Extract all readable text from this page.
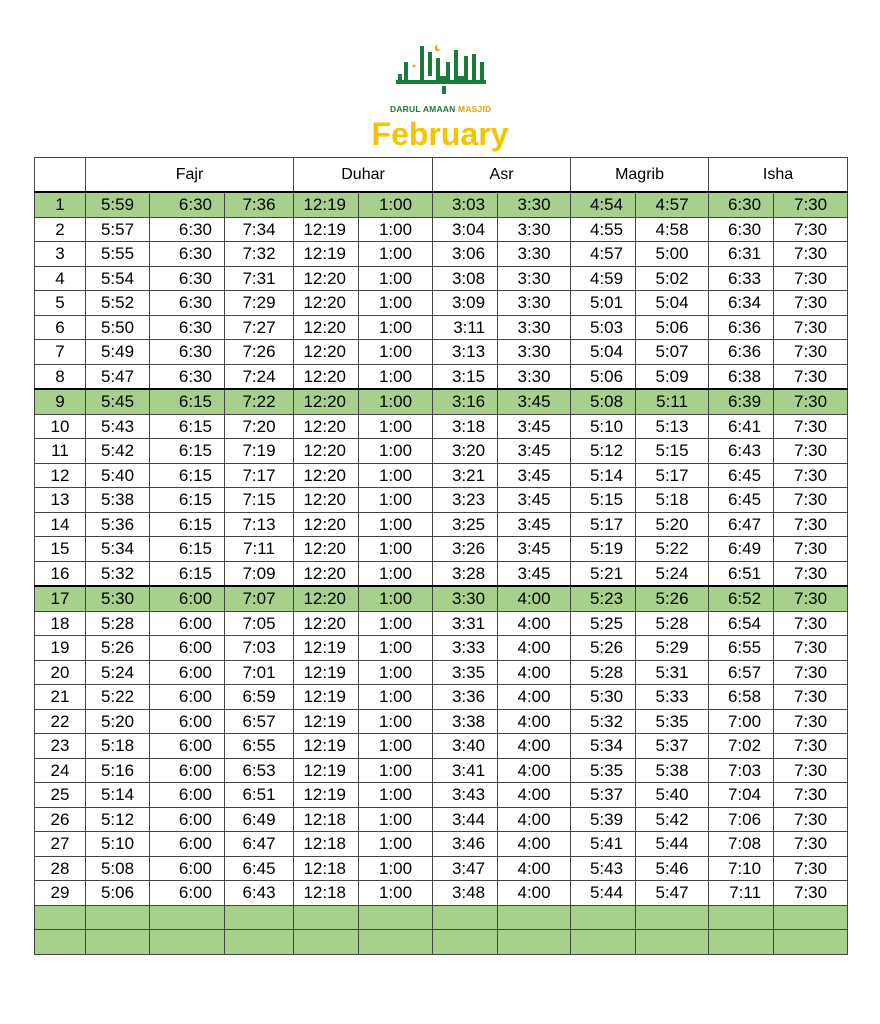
DARUL AMAAN MASJID
February
	Fajr			Duhar		Asr		Magrib		Isha	
1	5:59	6:30	7:36	12:19	1:00	3:03	3:30	4:54	4:57	6:30	7:30
2	5:57	6:30	7:34	12:19	1:00	3:04	3:30	4:55	4:58	6:30	7:30
3	5:55	6:30	7:32	12:19	1:00	3:06	3:30	4:57	5:00	6:31	7:30
4	5:54	6:30	7:31	12:20	1:00	3:08	3:30	4:59	5:02	6:33	7:30
5	5:52	6:30	7:29	12:20	1:00	3:09	3:30	5:01	5:04	6:34	7:30
6	5:50	6:30	7:27	12:20	1:00	3:11	3:30	5:03	5:06	6:36	7:30
7	5:49	6:30	7:26	12:20	1:00	3:13	3:30	5:04	5:07	6:36	7:30
8	5:47	6:30	7:24	12:20	1:00	3:15	3:30	5:06	5:09	6:38	7:30
9	5:45	6:15	7:22	12:20	1:00	3:16	3:45	5:08	5:11	6:39	7:30
10	5:43	6:15	7:20	12:20	1:00	3:18	3:45	5:10	5:13	6:41	7:30
11	5:42	6:15	7:19	12:20	1:00	3:20	3:45	5:12	5:15	6:43	7:30
12	5:40	6:15	7:17	12:20	1:00	3:21	3:45	5:14	5:17	6:45	7:30
13	5:38	6:15	7:15	12:20	1:00	3:23	3:45	5:15	5:18	6:45	7:30
14	5:36	6:15	7:13	12:20	1:00	3:25	3:45	5:17	5:20	6:47	7:30
15	5:34	6:15	7:11	12:20	1:00	3:26	3:45	5:19	5:22	6:49	7:30
16	5:32	6:15	7:09	12:20	1:00	3:28	3:45	5:21	5:24	6:51	7:30
17	5:30	6:00	7:07	12:20	1:00	3:30	4:00	5:23	5:26	6:52	7:30
18	5:28	6:00	7:05	12:20	1:00	3:31	4:00	5:25	5:28	6:54	7:30
19	5:26	6:00	7:03	12:19	1:00	3:33	4:00	5:26	5:29	6:55	7:30
20	5:24	6:00	7:01	12:19	1:00	3:35	4:00	5:28	5:31	6:57	7:30
21	5:22	6:00	6:59	12:19	1:00	3:36	4:00	5:30	5:33	6:58	7:30
22	5:20	6:00	6:57	12:19	1:00	3:38	4:00	5:32	5:35	7:00	7:30
23	5:18	6:00	6:55	12:19	1:00	3:40	4:00	5:34	5:37	7:02	7:30
24	5:16	6:00	6:53	12:19	1:00	3:41	4:00	5:35	5:38	7:03	7:30
25	5:14	6:00	6:51	12:19	1:00	3:43	4:00	5:37	5:40	7:04	7:30
26	5:12	6:00	6:49	12:18	1:00	3:44	4:00	5:39	5:42	7:06	7:30
27	5:10	6:00	6:47	12:18	1:00	3:46	4:00	5:41	5:44	7:08	7:30
28	5:08	6:00	6:45	12:18	1:00	3:47	4:00	5:43	5:46	7:10	7:30
29	5:06	6:00	6:43	12:18	1:00	3:48	4:00	5:44	5:47	7:11	7:30
